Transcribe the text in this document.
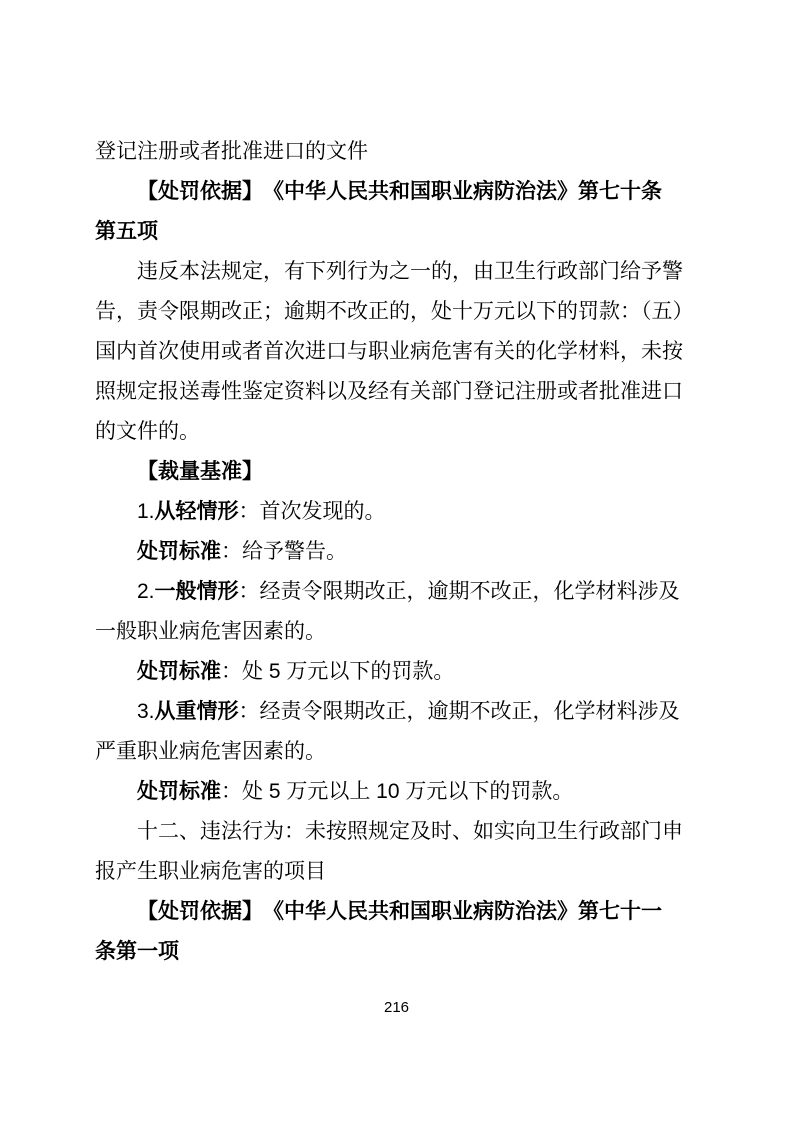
登记注册或者批准进口的文件
【处罚依据】　《中华人民共和国职业病防治法》第七十条
第五项
违反本法规定，有下列行为之一的，由卫生行政部门给予警
告，责令限期改正；逾期不改正的，处十万元以下的罚款：（五）
国内首次使用或者首次进口与职业病危害有关的化学材料，未按
照规定报送毒性鉴定资料以及经有关部门登记注册或者批准进口
的文件的。
【裁量基准】
1.从轻情形：首次发现的。
处罚标准：给予警告。
2.一般情形：经责令限期改正，逾期不改正，化学材料涉及
一般职业病危害因素的。
处罚标准：处 5 万元以下的罚款。
3.从重情形：经责令限期改正，逾期不改正，化学材料涉及
严重职业病危害因素的。
处罚标准：处 5 万元以上 10 万元以下的罚款。
十二、违法行为：未按照规定及时、如实向卫生行政部门申
报产生职业病危害的项目
【处罚依据】　《中华人民共和国职业病防治法》第七十一
条第一项
216
